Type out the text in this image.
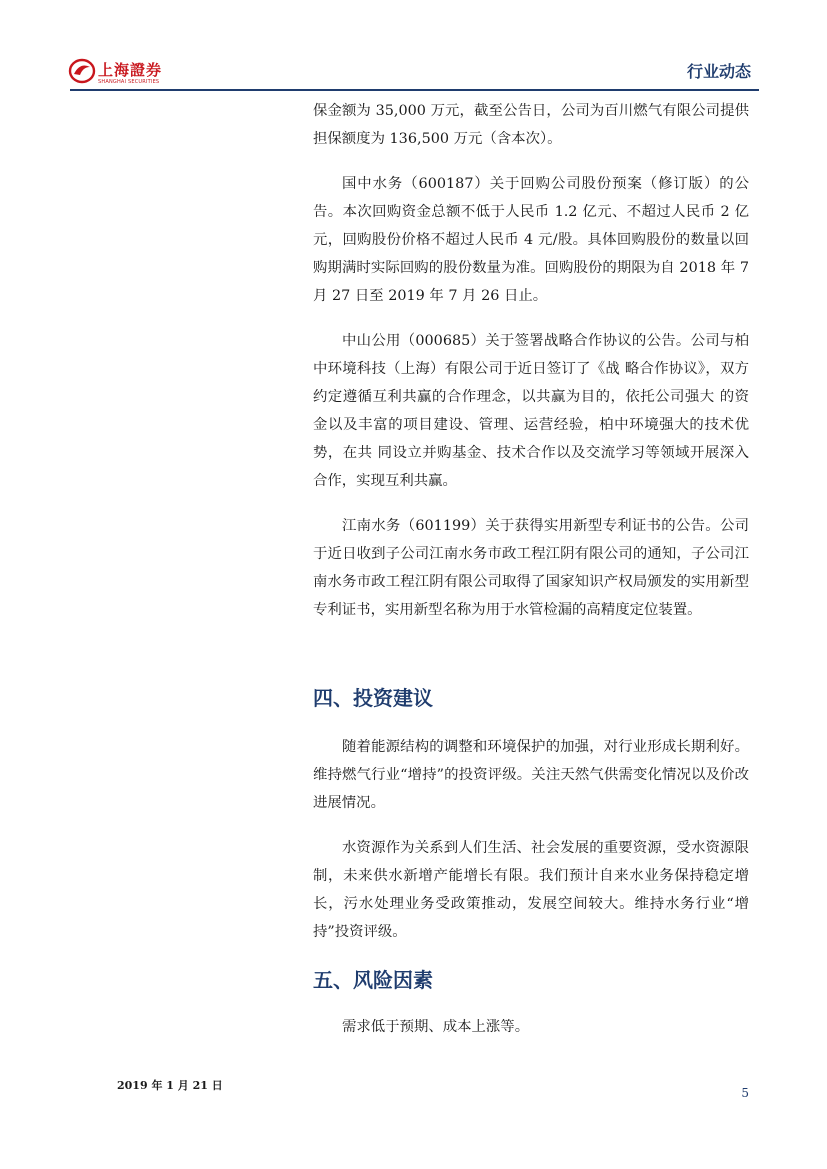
上海證券
SHANGHAI SECURITIES
行业动态

保金额为 35,000 万元，截至公告日，公司为百川燃气有限公司提供担保额度为 136,500 万元（含本次）。

国中水务（600187）关于回购公司股份预案（修订版）的公告。本次回购资金总额不低于人民币 1.2 亿元、不超过人民币 2 亿元，回购股份价格不超过人民币 4 元/股。具体回购股份的数量以回购期满时实际回购的股份数量为准。回购股份的期限为自 2018 年 7 月 27 日至 2019 年 7 月 26 日止。

中山公用（000685）关于签署战略合作协议的公告。公司与柏中环境科技（上海）有限公司于近日签订了《战 略合作协议》，双方约定遵循互利共赢的合作理念，以共赢为目的，依托公司强大 的资金以及丰富的项目建设、管理、运营经验，柏中环境强大的技术优势，在共 同设立并购基金、技术合作以及交流学习等领域开展深入合作，实现互利共赢。

江南水务（601199）关于获得实用新型专利证书的公告。公司于近日收到子公司江南水务市政工程江阴有限公司的通知，子公司江南水务市政工程江阴有限公司取得了国家知识产权局颁发的实用新型专利证书，实用新型名称为用于水管检漏的高精度定位装置。

四、投资建议

随着能源结构的调整和环境保护的加强，对行业形成长期利好。维持燃气行业“增持”的投资评级。关注天然气供需变化情况以及价改进展情况。

水资源作为关系到人们生活、社会发展的重要资源，受水资源限制，未来供水新增产能增长有限。我们预计自来水业务保持稳定增长，污水处理业务受政策推动，发展空间较大。维持水务行业“增持”投资评级。

五、风险因素

需求低于预期、成本上涨等。

2019 年 1 月 21 日
5
